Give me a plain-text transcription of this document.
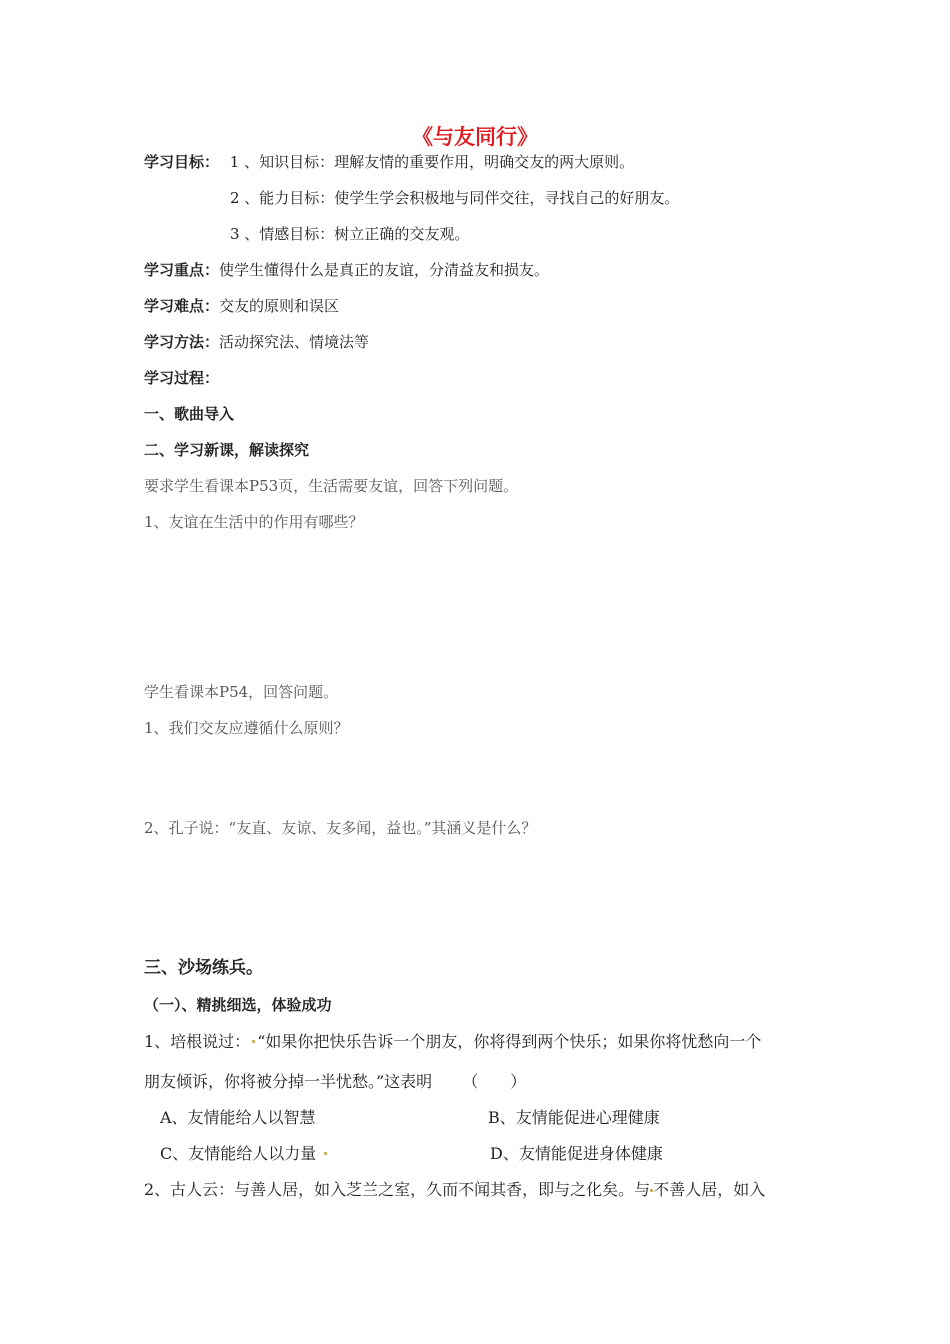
《与友同行》
学习目标： 1 、知识目标：理解友情的重要作用，明确交友的两大原则。
2 、能力目标：使学生学会积极地与同伴交往，寻找自己的好朋友。
3 、情感目标：树立正确的交友观。
学习重点：使学生懂得什么是真正的友谊，分清益友和损友。
学习难点：交友的原则和误区
学习方法：活动探究法、情境法等
学习过程：
一、歌曲导入
二、学习新课，解读探究
要求学生看课本P53页，生活需要友谊，回答下列问题。
1、友谊在生活中的作用有哪些？
学生看课本P54，回答问题。
1、我们交友应遵循什么原则？
2、孔子说：“友直、友谅、友多闻，益也。”其涵义是什么？
三、沙场练兵。
（一）、精挑细选，体验成功
1、培根说过： “如果你把快乐告诉一个朋友，你将得到两个快乐；如果你将忧愁向一个
朋友倾诉，你将被分掉一半忧愁。”这表明 （　　）
A、友情能给人以智慧	B、友情能促进心理健康
C、友情能给人以力量	D、友情能促进身体健康
2、古人云：与善人居，如入芝兰之室，久而不闻其香，即与之化矣。与 不善人居，如入
